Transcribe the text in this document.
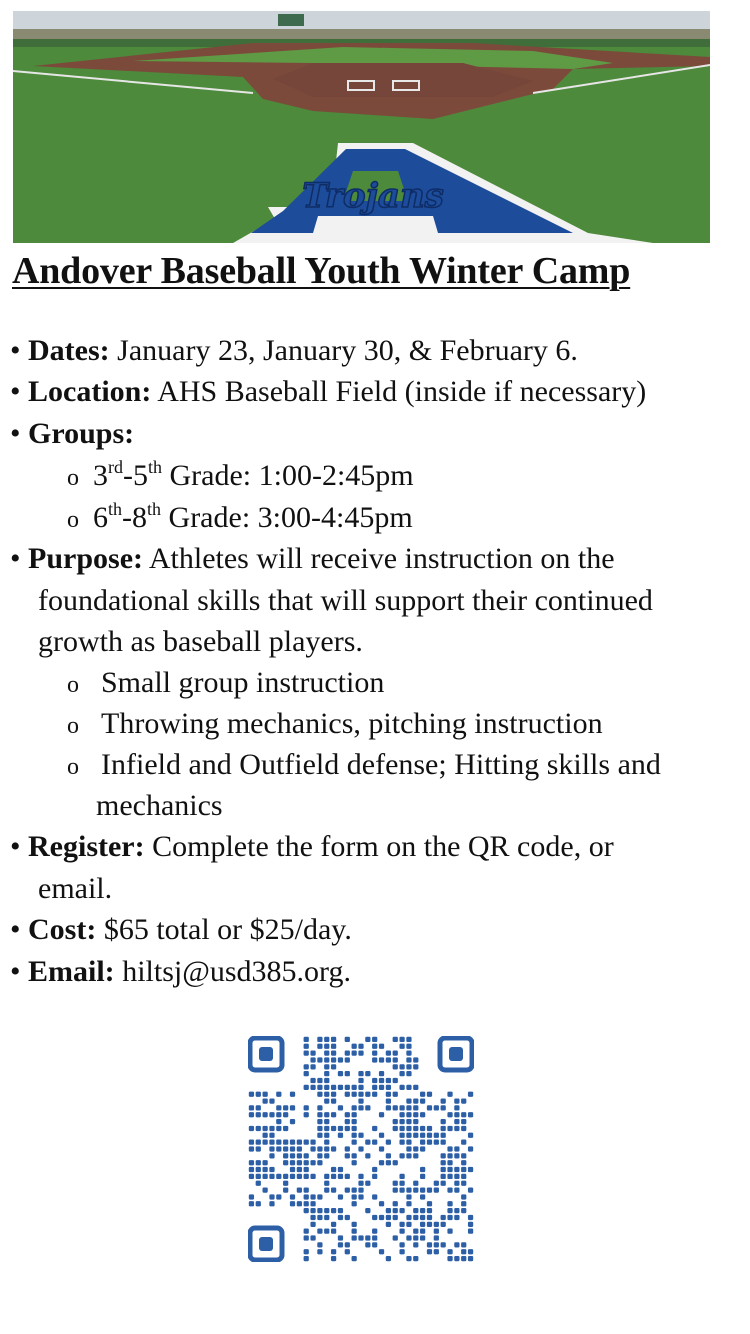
Trojans
Andover Baseball Youth Winter Camp
• Dates: January 23, January 30, & February 6.
• Location: AHS Baseball Field (inside if necessary)
• Groups:
o 3rd-5th Grade: 1:00-2:45pm
o 6th-8th Grade: 3:00-4:45pm
• Purpose: Athletes will receive instruction on the
foundational skills that will support their continued
growth as baseball players.
o Small group instruction
o Throwing mechanics, pitching instruction
o Infield and Outfield defense; Hitting skills and
mechanics
• Register: Complete the form on the QR code, or
email.
• Cost: $65 total or $25/day.
• Email: hiltsj@usd385.org.
